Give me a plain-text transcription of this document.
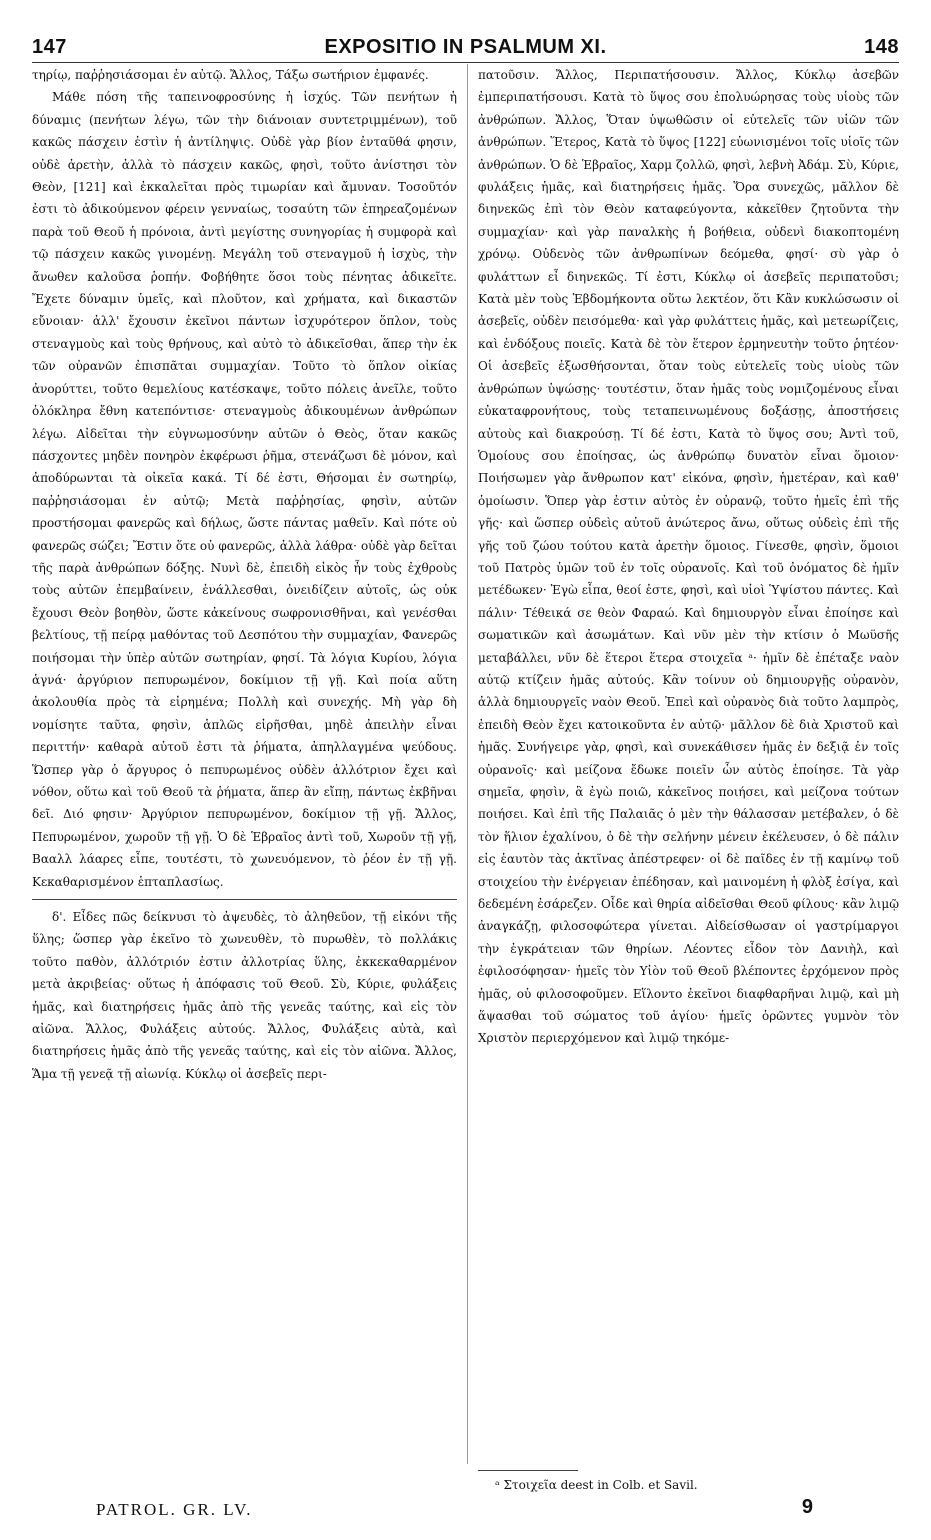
147	EXPOSITIO IN PSALMUM XI.	148

τηρίῳ, παῤῥησιάσομαι ἐν αὐτῷ. Ἄλλος, Τάξω σωτήριον ἐμφανές.

Μάθε πόση τῆς ταπεινοφροσύνης ἡ ἰσχύς. Τῶν πενήτων ἡ δύναμις (πενήτων λέγω, τῶν τὴν διάνοιαν συντετριμμένων), τοῦ κακῶς πάσχειν ἐστὶν ἡ ἀντίληψις. Οὐδὲ γὰρ βίον ἐνταῦθά φησιν, οὐδὲ ἀρετὴν, ἀλλὰ τὸ πάσχειν κακῶς, φησὶ, τοῦτο ἀνίστησι τὸν Θεὸν, [121] καὶ ἐκκαλεῖται πρὸς τιμωρίαν καὶ ἄμυναν. Τοσοῦτόν ἐστι τὸ ἀδικούμενον φέρειν γενναίως, τοσαύτη τῶν ἐπηρεαζομένων παρὰ τοῦ Θεοῦ ἡ πρόνοια, ἀντὶ μεγίστης συνηγορίας ἡ συμφορὰ καὶ τῷ πάσχειν κακῶς γινομένῃ. Μεγάλη τοῦ στεναγμοῦ ἡ ἰσχὺς, τὴν ἄνωθεν καλοῦσα ῥοπήν. Φοβήθητε ὅσοι τοὺς πένητας ἀδικεῖτε. Ἔχετε δύναμιν ὑμεῖς, καὶ πλοῦτον, καὶ χρήματα, καὶ δικαστῶν εὔνοιαν· ἀλλ' ἔχουσιν ἐκεῖνοι πάντων ἰσχυρότερον ὅπλον, τοὺς στεναγμοὺς καὶ τοὺς θρήνους, καὶ αὐτὸ τὸ ἀδικεῖσθαι, ἅπερ τὴν ἐκ τῶν οὐρανῶν ἐπισπᾶται συμμαχίαν. Τοῦτο τὸ ὅπλον οἰκίας ἀνορύττει, τοῦτο θεμελίους κατέσκαψε, τοῦτο πόλεις ἀνεῖλε, τοῦτο ὁλόκληρα ἔθνη κατεπόντισε· στεναγμοὺς ἀδικουμένων ἀνθρώπων λέγω. Αἰδεῖται τὴν εὐγνωμοσύνην αὐτῶν ὁ Θεὸς, ὅταν κακῶς πάσχοντες μηδὲν πονηρὸν ἐκφέρωσι ῥῆμα, στενάζωσι δὲ μόνον, καὶ ἀποδύρωνται τὰ οἰκεῖα κακά. Τί δέ ἐστι, Θήσομαι ἐν σωτηρίῳ, παῤῥησιάσομαι ἐν αὐτῷ; Μετὰ παῤῥησίας, φησὶν, αὐτῶν προστήσομαι φανερῶς καὶ δήλως, ὥστε πάντας μαθεῖν. Καὶ πότε οὐ φανερῶς σώζει; Ἔστιν ὅτε οὐ φανερῶς, ἀλλὰ λάθρα· οὐδὲ γὰρ δεῖται τῆς παρὰ ἀνθρώπων δόξης. Νυνὶ δὲ, ἐπειδὴ εἰκὸς ἦν τοὺς ἐχθροὺς τοὺς αὐτῶν ἐπεμβαίνειν, ἐνάλλεσθαι, ὀνειδίζειν αὐτοῖς, ὡς οὐκ ἔχουσι Θεὸν βοηθὸν, ὥστε κἀκείνους σωφρονισθῆναι, καὶ γενέσθαι βελτίους, τῇ πείρᾳ μαθόντας τοῦ Δεσπότου τὴν συμμαχίαν, Φανερῶς ποιήσομαι τὴν ὑπὲρ αὐτῶν σωτηρίαν, φησί. Τὰ λόγια Κυρίου, λόγια ἁγνά· ἀργύριον πεπυρωμένον, δοκίμιον τῇ γῇ. Καὶ ποία αὕτη ἀκολουθία πρὸς τὰ εἰρημένα; Πολλὴ καὶ συνεχής. Μὴ γὰρ δὴ νομίσητε ταῦτα, φησὶν, ἁπλῶς εἰρῆσθαι, μηδὲ ἀπειλὴν εἶναι περιττήν· καθαρὰ αὐτοῦ ἐστι τὰ ῥήματα, ἀπηλλαγμένα ψεύδους. Ὥσπερ γὰρ ὁ ἄργυρος ὁ πεπυρωμένος οὐδὲν ἀλλότριον ἔχει καὶ νόθον, οὕτω καὶ τοῦ Θεοῦ τὰ ῥήματα, ἅπερ ἂν εἴπῃ, πάντως ἐκβῆναι δεῖ. Διό φησιν· Ἀργύριον πεπυρωμένον, δοκίμιον τῇ γῇ. Ἄλλος, Πεπυρωμένον, χωροῦν τῇ γῇ. Ὁ δὲ Ἑβραῖος ἀντὶ τοῦ, Χωροῦν τῇ γῇ, Βααλλ λάαρες εἶπε, τουτέστι, τὸ χωνευόμενον, τὸ ῥέον ἐν τῇ γῇ. Κεκαθαρισμένον ἑπταπλασίως.

δ'. Εἶδες πῶς δείκνυσι τὸ ἀψευδὲς, τὸ ἀληθεῦον, τῇ εἰκόνι τῆς ὕλης; ὥσπερ γὰρ ἐκεῖνο τὸ χωνευθὲν, τὸ πυρωθὲν, τὸ πολλάκις τοῦτο παθὸν, ἀλλότριόν ἐστιν ἀλλοτρίας ὕλης, ἐκκεκαθαρμένον μετὰ ἀκριβείας· οὕτως ἡ ἀπόφασις τοῦ Θεοῦ. Σὺ, Κύριε, φυλάξεις ἡμᾶς, καὶ διατηρήσεις ἡμᾶς ἀπὸ τῆς γενεᾶς ταύτης, καὶ εἰς τὸν αἰῶνα. Ἄλλος, Φυλάξεις αὐτούς. Ἄλλος, Φυλάξεις αὐτὰ, καὶ διατηρήσεις ἡμᾶς ἀπὸ τῆς γενεᾶς ταύτης, καὶ εἰς τὸν αἰῶνα. Ἄλλος, Ἅμα τῇ γενεᾷ τῇ αἰωνίᾳ. Κύκλῳ οἱ ἀσεβεῖς περι-

πατοῦσιν. Ἄλλος, Περιπατήσουσιν. Ἄλλος, Κύκλῳ ἀσεβῶν ἐμπεριπατήσουσι. Κατὰ τὸ ὕψος σου ἐπολυώρησας τοὺς υἱοὺς τῶν ἀνθρώπων. Ἄλλος, Ὅταν ὑψωθῶσιν οἱ εὐτελεῖς τῶν υἱῶν τῶν ἀνθρώπων. Ἕτερος, Κατὰ τὸ ὕψος [122] εὐωνισμένοι τοῖς υἱοῖς τῶν ἀνθρώπων. Ὁ δὲ Ἑβραῖος, Χαρμ ζολλῶ, φησὶ, λεβνὴ Ἀδάμ. Σὺ, Κύριε, φυλάξεις ἡμᾶς, καὶ διατηρήσεις ἡμᾶς. Ὅρα συνεχῶς, μᾶλλον δὲ διηνεκῶς ἐπὶ τὸν Θεὸν καταφεύγοντα, κἀκεῖθεν ζητοῦντα τὴν συμμαχίαν· καὶ γὰρ παναλκὴς ἡ βοήθεια, οὐδενὶ διακοπτομένη χρόνῳ. Οὐδενὸς τῶν ἀνθρωπίνων δεόμεθα, φησί· σὺ γὰρ ὁ φυλάττων εἶ διηνεκῶς. Τί ἐστι, Κύκλῳ οἱ ἀσεβεῖς περιπατοῦσι; Κατὰ μὲν τοὺς Ἑβδομήκοντα οὕτω λεκτέον, ὅτι Κἂν κυκλώσωσιν οἱ ἀσεβεῖς, οὐδὲν πεισόμεθα· καὶ γὰρ φυλάττεις ἡμᾶς, καὶ μετεωρίζεις, καὶ ἐνδόξους ποιεῖς. Κατὰ δὲ τὸν ἕτερον ἑρμηνευτὴν τοῦτο ῥητέον· Οἱ ἀσεβεῖς ἐξωσθήσονται, ὅταν τοὺς εὐτελεῖς τοὺς υἱοὺς τῶν ἀνθρώπων ὑψώσῃς· τουτέστιν, ὅταν ἡμᾶς τοὺς νομιζομένους εἶναι εὐκαταφρονήτους, τοὺς τεταπεινωμένους δοξάσῃς, ἀποστήσεις αὐτοὺς καὶ διακρούσῃ. Τί δέ ἐστι, Κατὰ τὸ ὕψος σου; Ἀντὶ τοῦ, Ὁμοίους σου ἐποίησας, ὡς ἀνθρώπῳ δυνατὸν εἶναι ὅμοιον· Ποιήσωμεν γὰρ ἄνθρωπον κατ' εἰκόνα, φησὶν, ἡμετέραν, καὶ καθ' ὁμοίωσιν. Ὅπερ γὰρ ἐστιν αὐτὸς ἐν οὐρανῷ, τοῦτο ἡμεῖς ἐπὶ τῆς γῆς· καὶ ὥσπερ οὐδεὶς αὐτοῦ ἀνώτερος ἄνω, οὕτως οὐδεὶς ἐπὶ τῆς γῆς τοῦ ζώου τούτου κατὰ ἀρετὴν ὅμοιος. Γίνεσθε, φησὶν, ὅμοιοι τοῦ Πατρὸς ὑμῶν τοῦ ἐν τοῖς οὐρανοῖς. Καὶ τοῦ ὀνόματος δὲ ἡμῖν μετέδωκεν· Ἐγὼ εἶπα, θεοί ἐστε, φησὶ, καὶ υἱοὶ Ὑψίστου πάντες. Καὶ πάλιν· Τέθεικά σε θεὸν Φαραώ. Καὶ δημιουργὸν εἶναι ἐποίησε καὶ σωματικῶν καὶ ἀσωμάτων. Καὶ νῦν μὲν τὴν κτίσιν ὁ Μωϋσῆς μεταβάλλει, νῦν δὲ ἕτεροι ἕτερα στοιχεῖα ᵃ· ἡμῖν δὲ ἐπέταξε ναὸν αὐτῷ κτίζειν ἡμᾶς αὐτούς. Κἂν τοίνυν οὐ δημιουργῇς οὐρανὸν, ἀλλὰ δημιουργεῖς ναὸν Θεοῦ. Ἐπεὶ καὶ οὐρανὸς διὰ τοῦτο λαμπρὸς, ἐπειδὴ Θεὸν ἔχει κατοικοῦντα ἐν αὐτῷ· μᾶλλον δὲ διὰ Χριστοῦ καὶ ἡμᾶς. Συνήγειρε γὰρ, φησὶ, καὶ συνεκάθισεν ἡμᾶς ἐν δεξιᾷ ἐν τοῖς οὐρανοῖς· καὶ μείζονα ἔδωκε ποιεῖν ὧν αὐτὸς ἐποίησε. Τὰ γὰρ σημεῖα, φησὶν, ἃ ἐγὼ ποιῶ, κἀκεῖνος ποιήσει, καὶ μείζονα τούτων ποιήσει. Καὶ ἐπὶ τῆς Παλαιᾶς ὁ μὲν τὴν θάλασσαν μετέβαλεν, ὁ δὲ τὸν ἥλιον ἐχαλίνου, ὁ δὲ τὴν σελήνην μένειν ἐκέλευσεν, ὁ δὲ πάλιν εἰς ἑαυτὸν τὰς ἀκτῖνας ἀπέστρεφεν· οἱ δὲ παῖδες ἐν τῇ καμίνῳ τοῦ στοιχείου τὴν ἐνέργειαν ἐπέδησαν, καὶ μαινομένη ἡ φλὸξ ἐσίγα, καὶ δεδεμένη ἐσάρεζεν. Οἶδε καὶ θηρία αἰδεῖσθαι Θεοῦ φίλους· κἂν λιμῷ ἀναγκάζῃ, φιλοσοφώτερα γίνεται. Αἰδείσθωσαν οἱ γαστρίμαργοι τὴν ἐγκράτειαν τῶν θηρίων. Λέοντες εἶδον τὸν Δανιὴλ, καὶ ἐφιλοσόφησαν· ἡμεῖς τὸν Υἱὸν τοῦ Θεοῦ βλέποντες ἐρχόμενον πρὸς ἡμᾶς, οὐ φιλοσοφοῦμεν. Εἵλοντο ἐκεῖνοι διαφθαρῆναι λιμῷ, καὶ μὴ ἅψασθαι τοῦ σώματος τοῦ ἁγίου· ἡμεῖς ὁρῶντες γυμνὸν τὸν Χριστὸν περιερχόμενον καὶ λιμῷ τηκόμε-

ᵃ Στοιχεῖα deest in Colb. et Savil.
PATROL. GR. LV.	9
